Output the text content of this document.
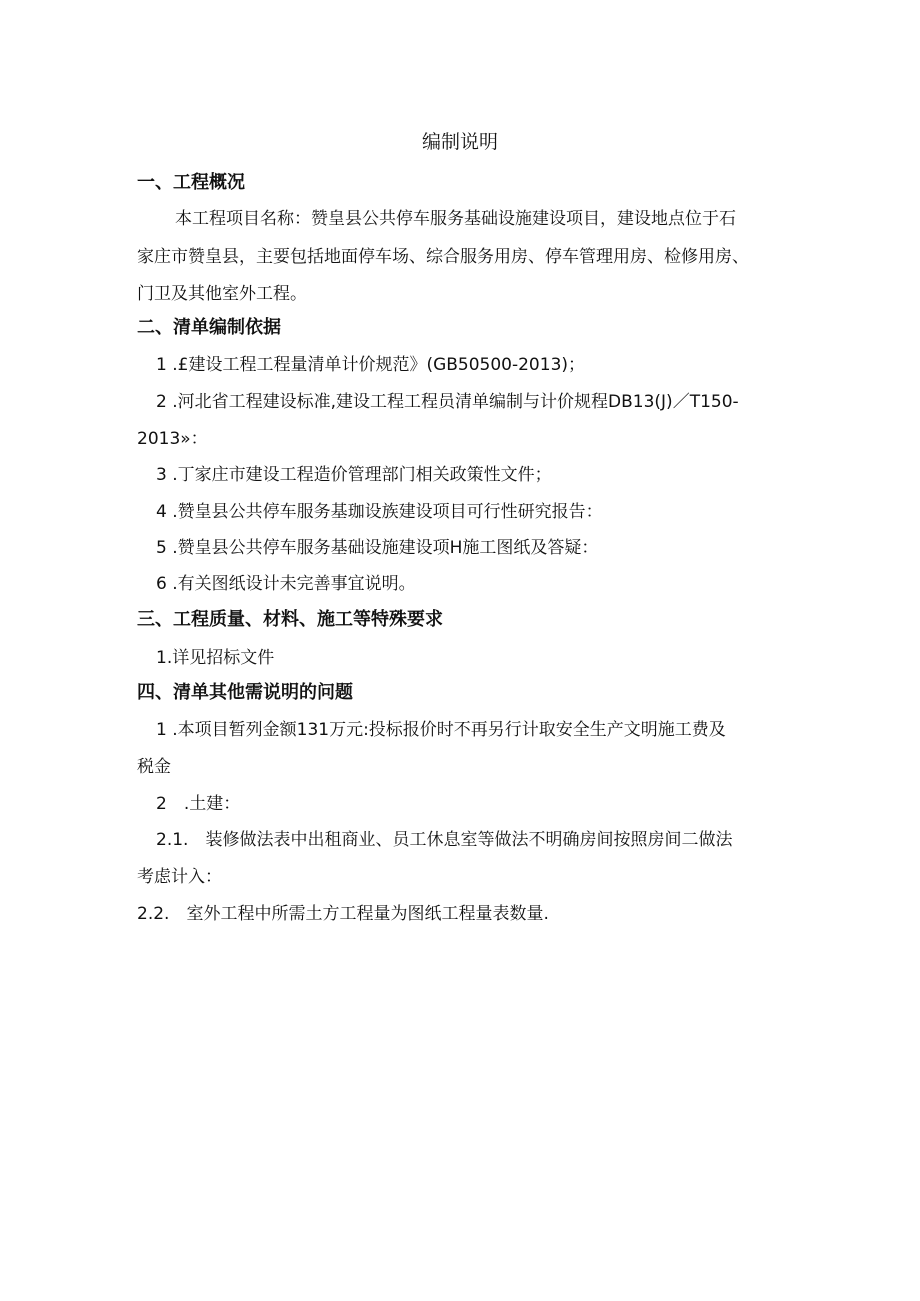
编制说明
一、工程概况
本工程项目名称：赞皇县公共停车服务基础设施建设项目，建设地点位于石
家庄市赞皇县，主要包括地面停车场、综合服务用房、停车管理用房、检修用房、
门卫及其他室外工程。
二、清单编制依据
1 .£建设工程工程量清单计价规范》(GB50500-2013)；
2 .河北省工程建设标准,建设工程工程员清单编制与计价规程DB13(J)／T150-
2013»：
3 .丁家庄市建设工程造价管理部门相关政策性文件；
4 .赞皇县公共停车服务基珈设族建设项目可行性研究报告：
5 .赞皇县公共停车服务基础设施建设项H施工图纸及答疑：
6 .有关图纸设计未完善事宜说明。
三、工程质量、材料、施工等特殊要求
1.详见招标文件
四、清单其他需说明的问题
1 .本项目暂列金额131万元:投标报价时不再另行计取安全生产文明施工费及
税金
2　.土建：
2.1.　装修做法表中出租商业、员工休息室等做法不明确房间按照房间二做法
考虑计入：
2.2.　室外工程中所需土方工程量为图纸工程量表数量.
